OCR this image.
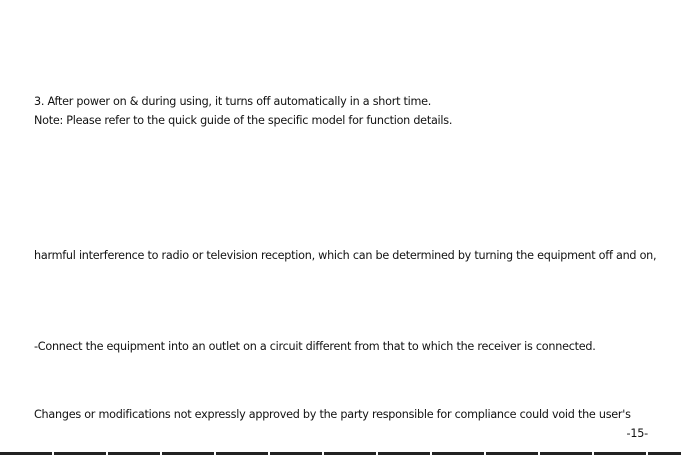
3. After power on & during using, it turns off automatically in a short time.
Note: Please refer to the quick guide of the specific model for function details.
harmful interference to radio or television reception, which can be determined by turning the equipment off and on,
-Connect the equipment into an outlet on a circuit different from that to which the receiver is connected.
Changes or modifications not expressly approved by the party responsible for compliance could void the user's
-15-
